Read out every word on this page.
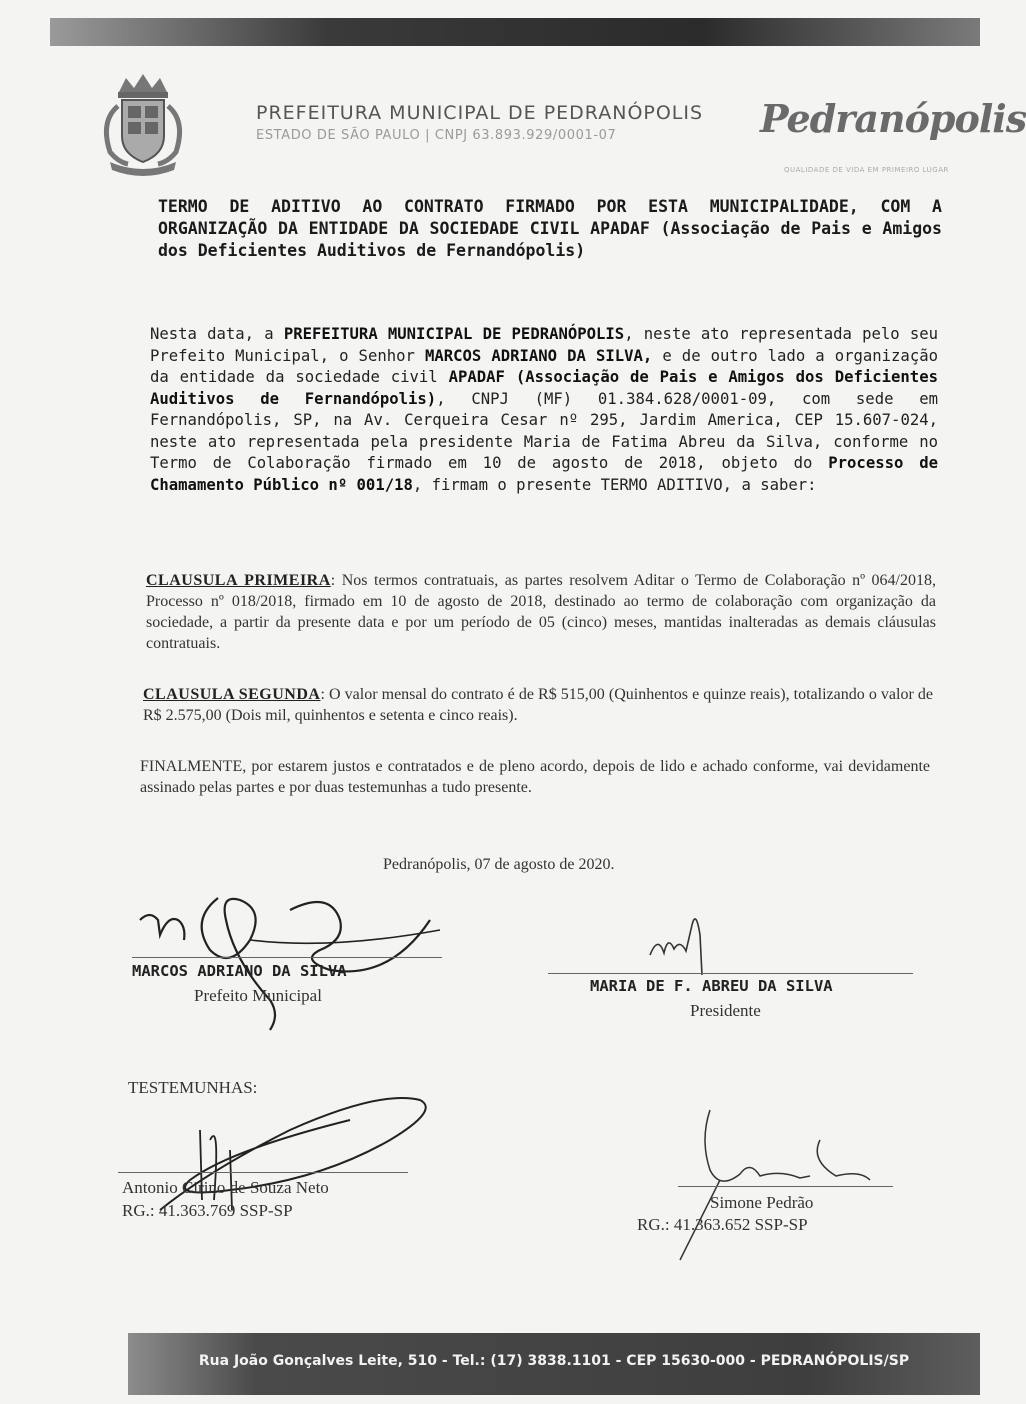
PREFEITURA MUNICIPAL DE PEDRANÓPOLIS
ESTADO DE SÃO PAULO | CNPJ 63.893.929/0001-07	Pedranópolis
QUALIDADE DE VIDA EM PRIMEIRO LUGAR
TERMO DE ADITIVO AO CONTRATO FIRMADO POR ESTA MUNICIPALIDADE, COM A ORGANIZAÇÃO DA ENTIDADE DA SOCIEDADE CIVIL APADAF (Associação de Pais e Amigos dos Deficientes Auditivos de Fernandópolis)
Nesta data, a PREFEITURA MUNICIPAL DE PEDRANÓPOLIS, neste ato representada pelo seu Prefeito Municipal, o Senhor MARCOS ADRIANO DA SILVA, e de outro lado a organização da entidade da sociedade civil APADAF (Associação de Pais e Amigos dos Deficientes Auditivos de Fernandópolis), CNPJ (MF) 01.384.628/0001-09, com sede em Fernandópolis, SP, na Av. Cerqueira Cesar nº 295, Jardim America, CEP 15.607-024, neste ato representada pela presidente Maria de Fatima Abreu da Silva, conforme no Termo de Colaboração firmado em 10 de agosto de 2018, objeto do Processo de Chamamento Público nº 001/18, firmam o presente TERMO ADITIVO, a saber:
CLAUSULA PRIMEIRA: Nos termos contratuais, as partes resolvem Aditar o Termo de Colaboração nº 064/2018, Processo nº 018/2018, firmado em 10 de agosto de 2018, destinado ao termo de colaboração com organização da sociedade, a partir da presente data e por um período de 05 (cinco) meses, mantidas inalteradas as demais cláusulas contratuais.
CLAUSULA SEGUNDA: O valor mensal do contrato é de R$ 515,00 (Quinhentos e quinze reais), totalizando o valor de R$ 2.575,00 (Dois mil, quinhentos e setenta e cinco reais).
FINALMENTE, por estarem justos e contratados e de pleno acordo, depois de lido e achado conforme, vai devidamente assinado pelas partes e por duas testemunhas a tudo presente.
Pedranópolis, 07 de agosto de 2020.
MARCOS ADRIANO DA SILVA
Prefeito Municipal	MARIA DE F. ABREU DA SILVA
Presidente
TESTEMUNHAS:
Antonio Cirino de Souza Neto
RG.: 41.363.769 SSP-SP	Simone Pedrão
RG.: 41.363.652 SSP-SP
Rua João Gonçalves Leite, 510 - Tel.: (17) 3838.1101 - CEP 15630-000 - PEDRANÓPOLIS/SP
